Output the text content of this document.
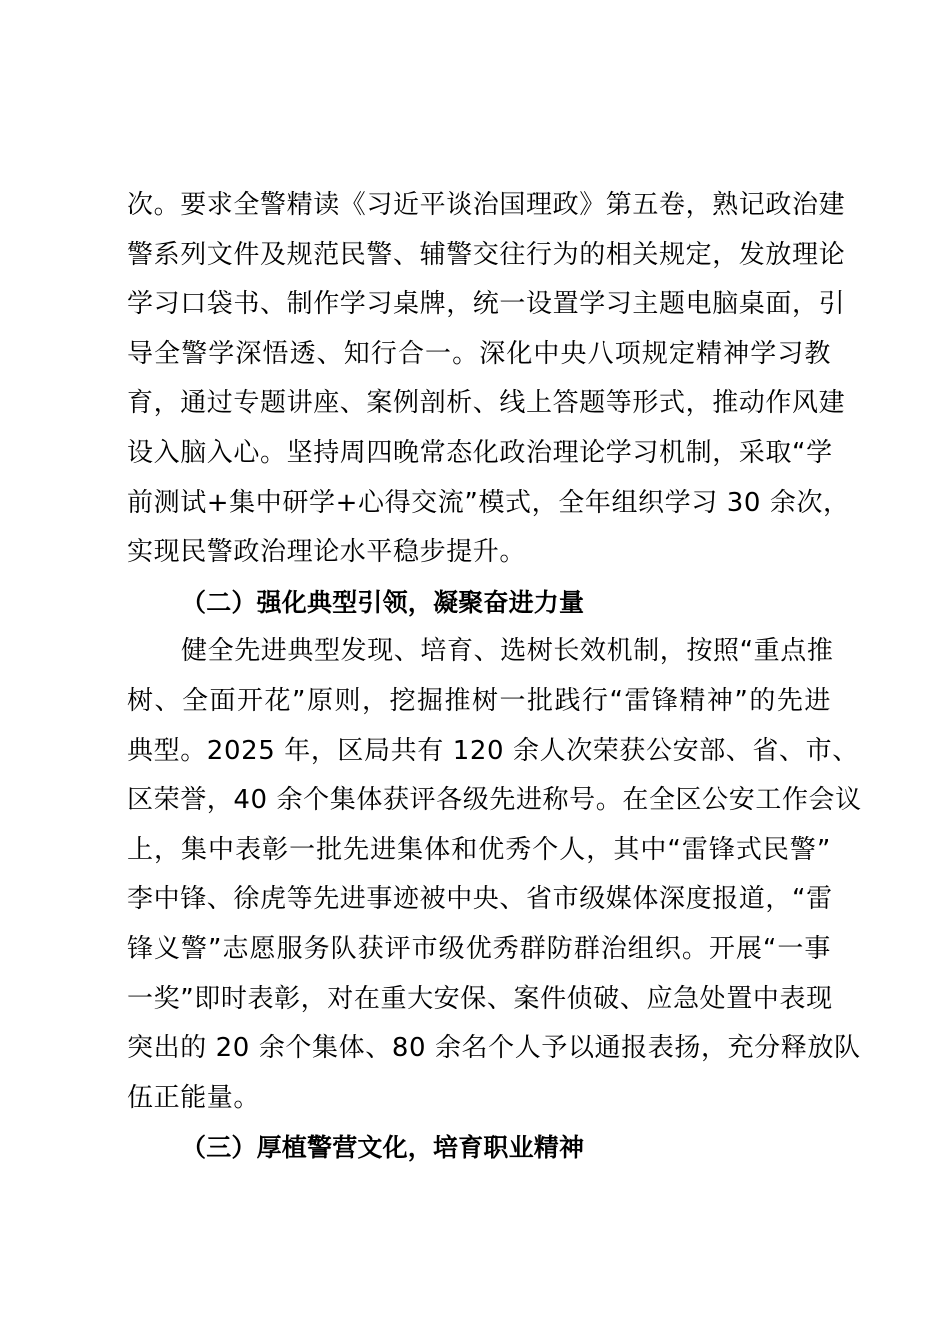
次。要求全警精读《习近平谈治国理政》第五卷，熟记政治建
警系列文件及规范民警、辅警交往行为的相关规定，发放理论
学习口袋书、制作学习桌牌，统一设置学习主题电脑桌面，引
导全警学深悟透、知行合一。深化中央八项规定精神学习教
育，通过专题讲座、案例剖析、线上答题等形式，推动作风建
设入脑入心。坚持周四晚常态化政治理论学习机制，采取“学
前测试+集中研学+心得交流”模式，全年组织学习 30 余次，
实现民警政治理论水平稳步提升。
（二）强化典型引领，凝聚奋进力量
健全先进典型发现、培育、选树长效机制，按照“重点推
树、全面开花”原则，挖掘推树一批践行“雷锋精神”的先进
典型。2025 年，区局共有 120 余人次荣获公安部、省、市、
区荣誉，40 余个集体获评各级先进称号。在全区公安工作会议
上，集中表彰一批先进集体和优秀个人，其中“雷锋式民警”
李中锋、徐虎等先进事迹被中央、省市级媒体深度报道，“雷
锋义警”志愿服务队获评市级优秀群防群治组织。开展“一事
一奖”即时表彰，对在重大安保、案件侦破、应急处置中表现
突出的 20 余个集体、80 余名个人予以通报表扬，充分释放队
伍正能量。
（三）厚植警营文化，培育职业精神
